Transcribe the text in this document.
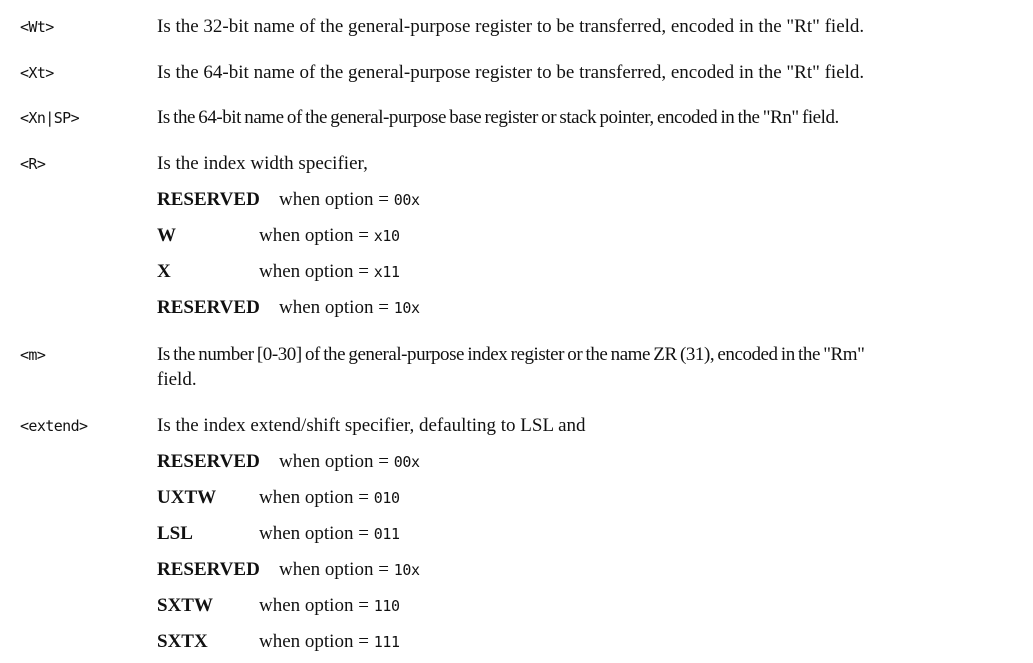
<Wt>	Is the 32-bit name of the general-purpose register to be transferred, encoded in the "Rt" field.
<Xt>	Is the 64-bit name of the general-purpose register to be transferred, encoded in the "Rt" field.
<Xn|SP>	Is the 64-bit name of the general-purpose base register or stack pointer, encoded in the "Rn" field.
<R>	Is the index width specifier,
RESERVED when option = 00x
W	when option = x10
X	when option = x11
RESERVED when option = 10x
<m>	Is the number [0-30] of the general-purpose index register or the name ZR (31), encoded in the "Rm"
field.
<extend>	Is the index extend/shift specifier, defaulting to LSL and
RESERVED when option = 00x
UXTW when option = 010
LSL	when option = 011
RESERVED when option = 10x
SXTW when option = 110
SXTX	when option = 111
